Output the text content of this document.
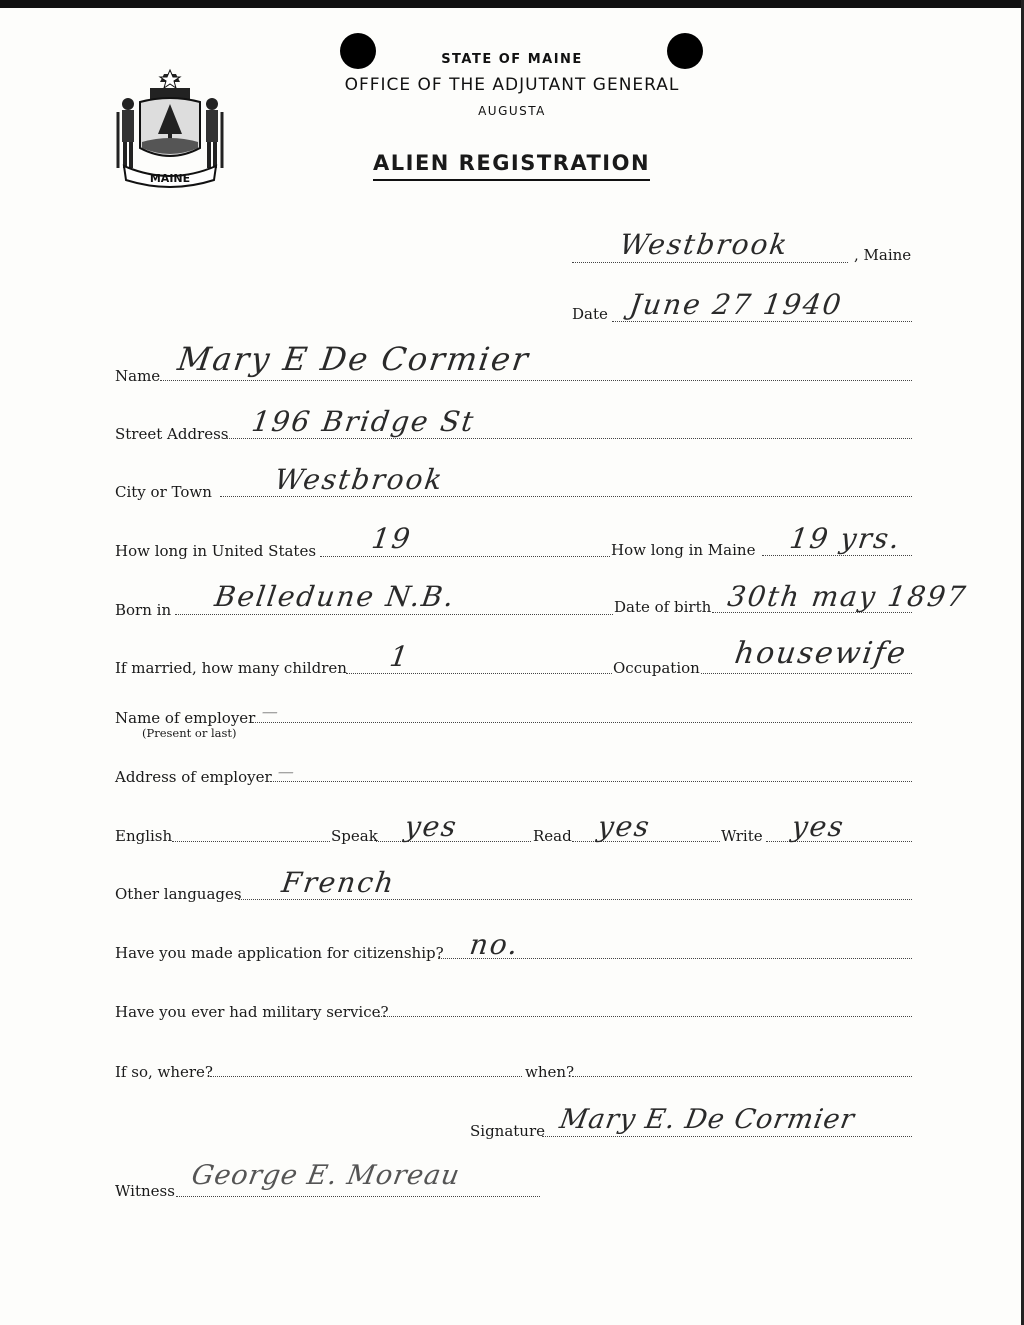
MAINE
STATE OF MAINE
OFFICE OF THE ADJUTANT GENERAL
AUGUSTA
ALIEN REGISTRATION
Westbrook	, Maine
Date June 27 1940
Name Mary E De Cormier
Street Address 196 Bridge St
City or Town Westbrook
How long in United States 19	How long in Maine 19 yrs.
Born in Belledune N.B.	Date of birth 30th may 1897
If married, how many children 1	Occupation housewife
Name of employer
(Present or last)
—
Address of employer —
English	Speak yes	Read yes	Write yes
Other languages French
Have you made application for citizenship? no.
Have you ever had military service?
If so, where?	when?
Signature Mary E. De Cormier
Witness George E. Moreau
